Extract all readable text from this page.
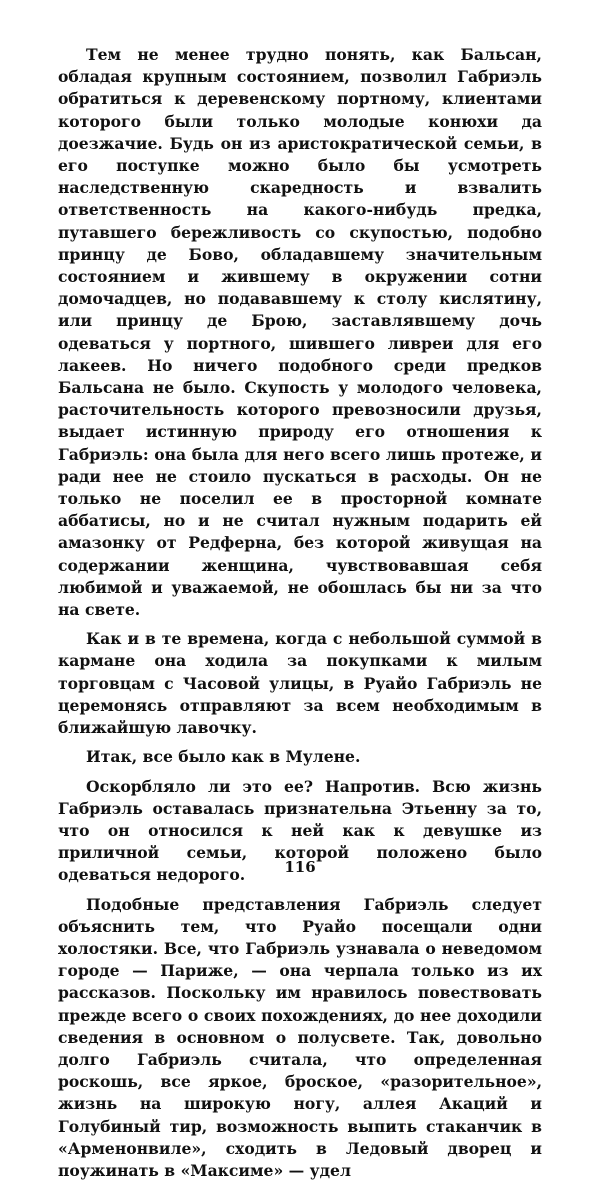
Тем не менее трудно понять, как Бальсан, обладая крупным состоянием, позволил Габриэль обратиться к деревенскому портному, клиентами которого были только молодые конюхи да доезжачие. Будь он из аристократической семьи, в его поступке можно было бы усмотреть наследственную скаредность и взвалить ответственность на какого-нибудь предка, путавшего бережливость со скупостью, подобно принцу де Бово, обладавшему значительным состоянием и жившему в окружении сотни домочадцев, но подававшему к столу кислятину, или принцу де Брою, заставлявшему дочь одеваться у портного, шившего ливреи для его лакеев. Но ничего подобного среди предков Бальсана не было. Скупость у молодого человека, расточительность которого превозносили друзья, выдает истинную природу его отношения к Габриэль: она была для него всего лишь протеже, и ради нее не стоило пускаться в расходы. Он не только не поселил ее в просторной комнате аббатисы, но и не считал нужным подарить ей амазонку от Редферна, без которой живущая на содержании женщина, чувствовавшая себя любимой и уважаемой, не обошлась бы ни за что на свете.

Как и в те времена, когда с небольшой суммой в кармане она ходила за покупками к милым торговцам с Часовой улицы, в Руайо Габриэль не церемонясь отправляют за всем необходимым в ближайшую лавочку.

Итак, все было как в Мулене.

Оскорбляло ли это ее? Напротив. Всю жизнь Габриэль оставалась признательна Этьенну за то, что он относился к ней как к девушке из приличной семьи, которой положено было одеваться недорого.

Подобные представления Габриэль следует объяснить тем, что Руайо посещали одни холостяки. Все, что Габриэль узнавала о неведомом городе — Париже, — она черпала только из их рассказов. Поскольку им нравилось повествовать прежде всего о своих похождениях, до нее доходили сведения в основном о полусвете. Так, довольно долго Габриэль считала, что определенная роскошь, все яркое, броское, «разорительное», жизнь на широкую ногу, аллея Акаций и Голубиный тир, возможность выпить стаканчик в «Арменонвиле», сходить в Ледовый дворец и поужинать в «Максиме» — удел

116
